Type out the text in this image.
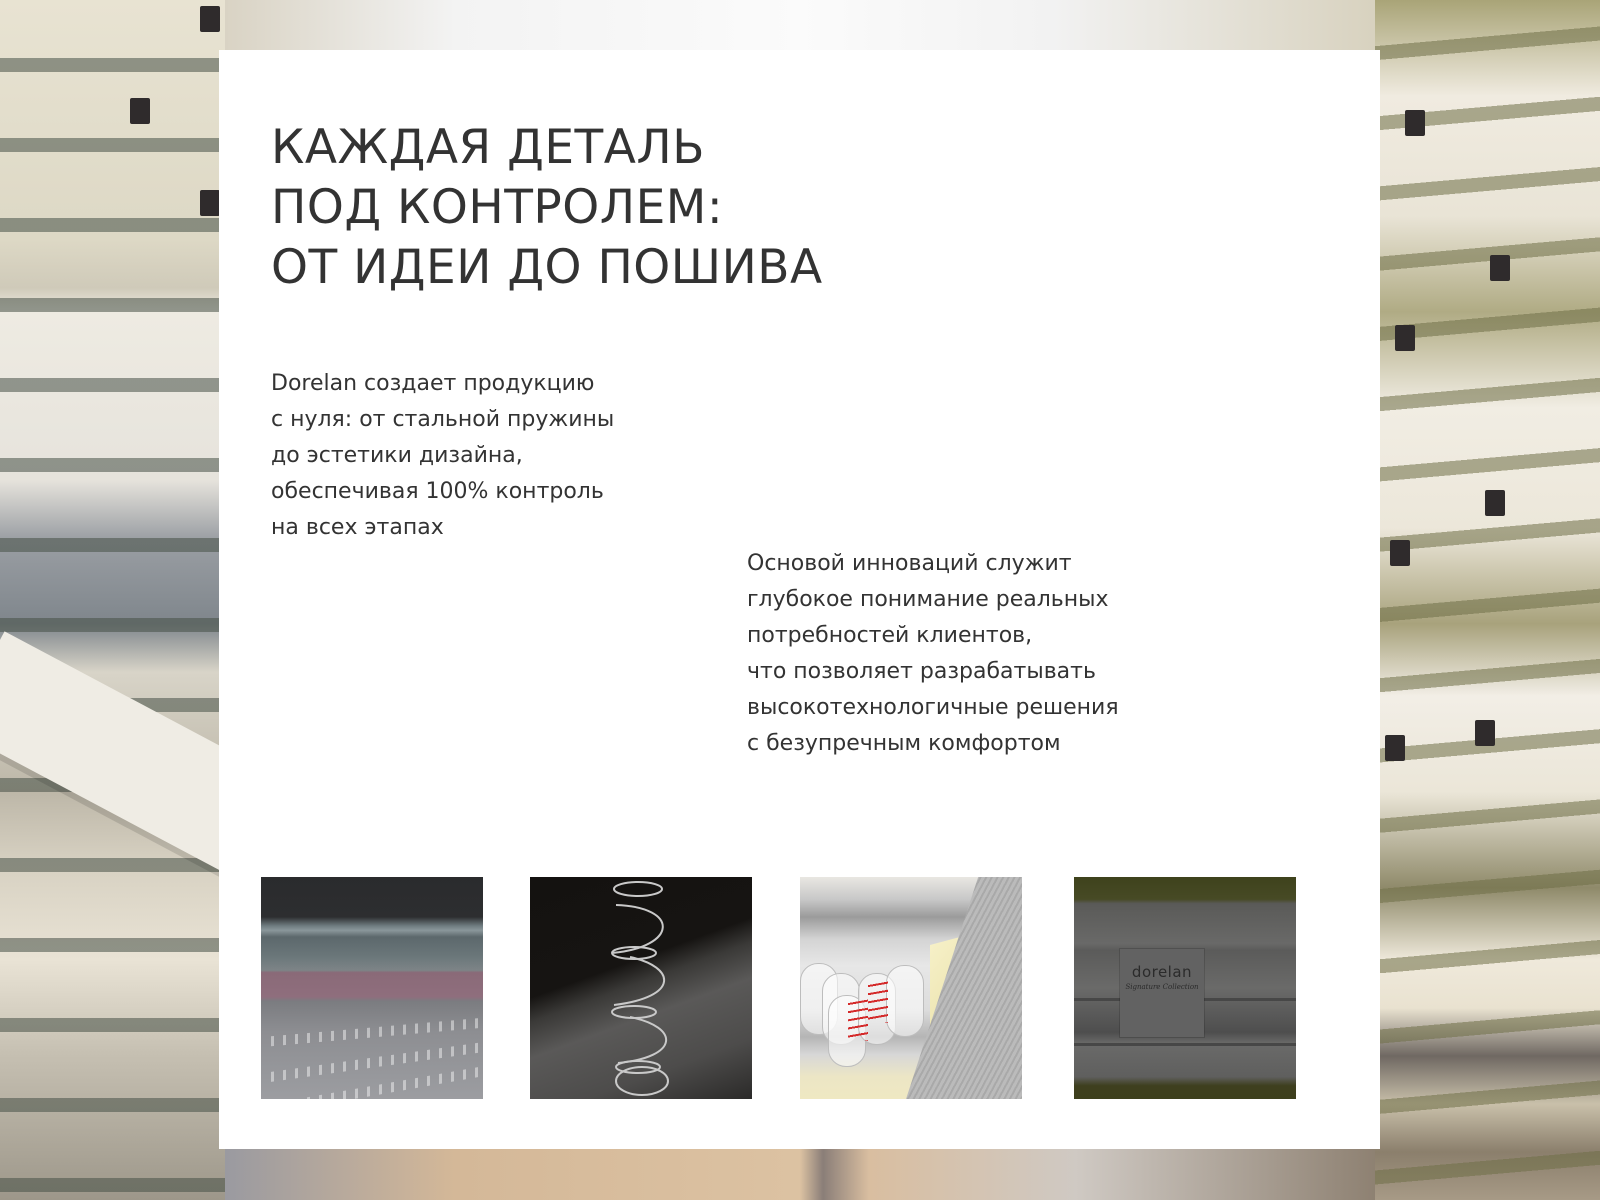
КАЖДАЯ ДЕТАЛЬ
ПОД КОНТРОЛЕМ:
ОТ ИДЕИ ДО ПОШИВА

Dorelan создает продукцию
с нуля: от стальной пружины
до эстетики дизайна,
обеспечивая 100% контроль
на всех этапах

Основой инноваций служит
глубокое понимание реальных
потребностей клиентов,
что позволяет разрабатывать
высокотехнологичные решения
с безупречным комфортом

dorelan
Signature Collection
